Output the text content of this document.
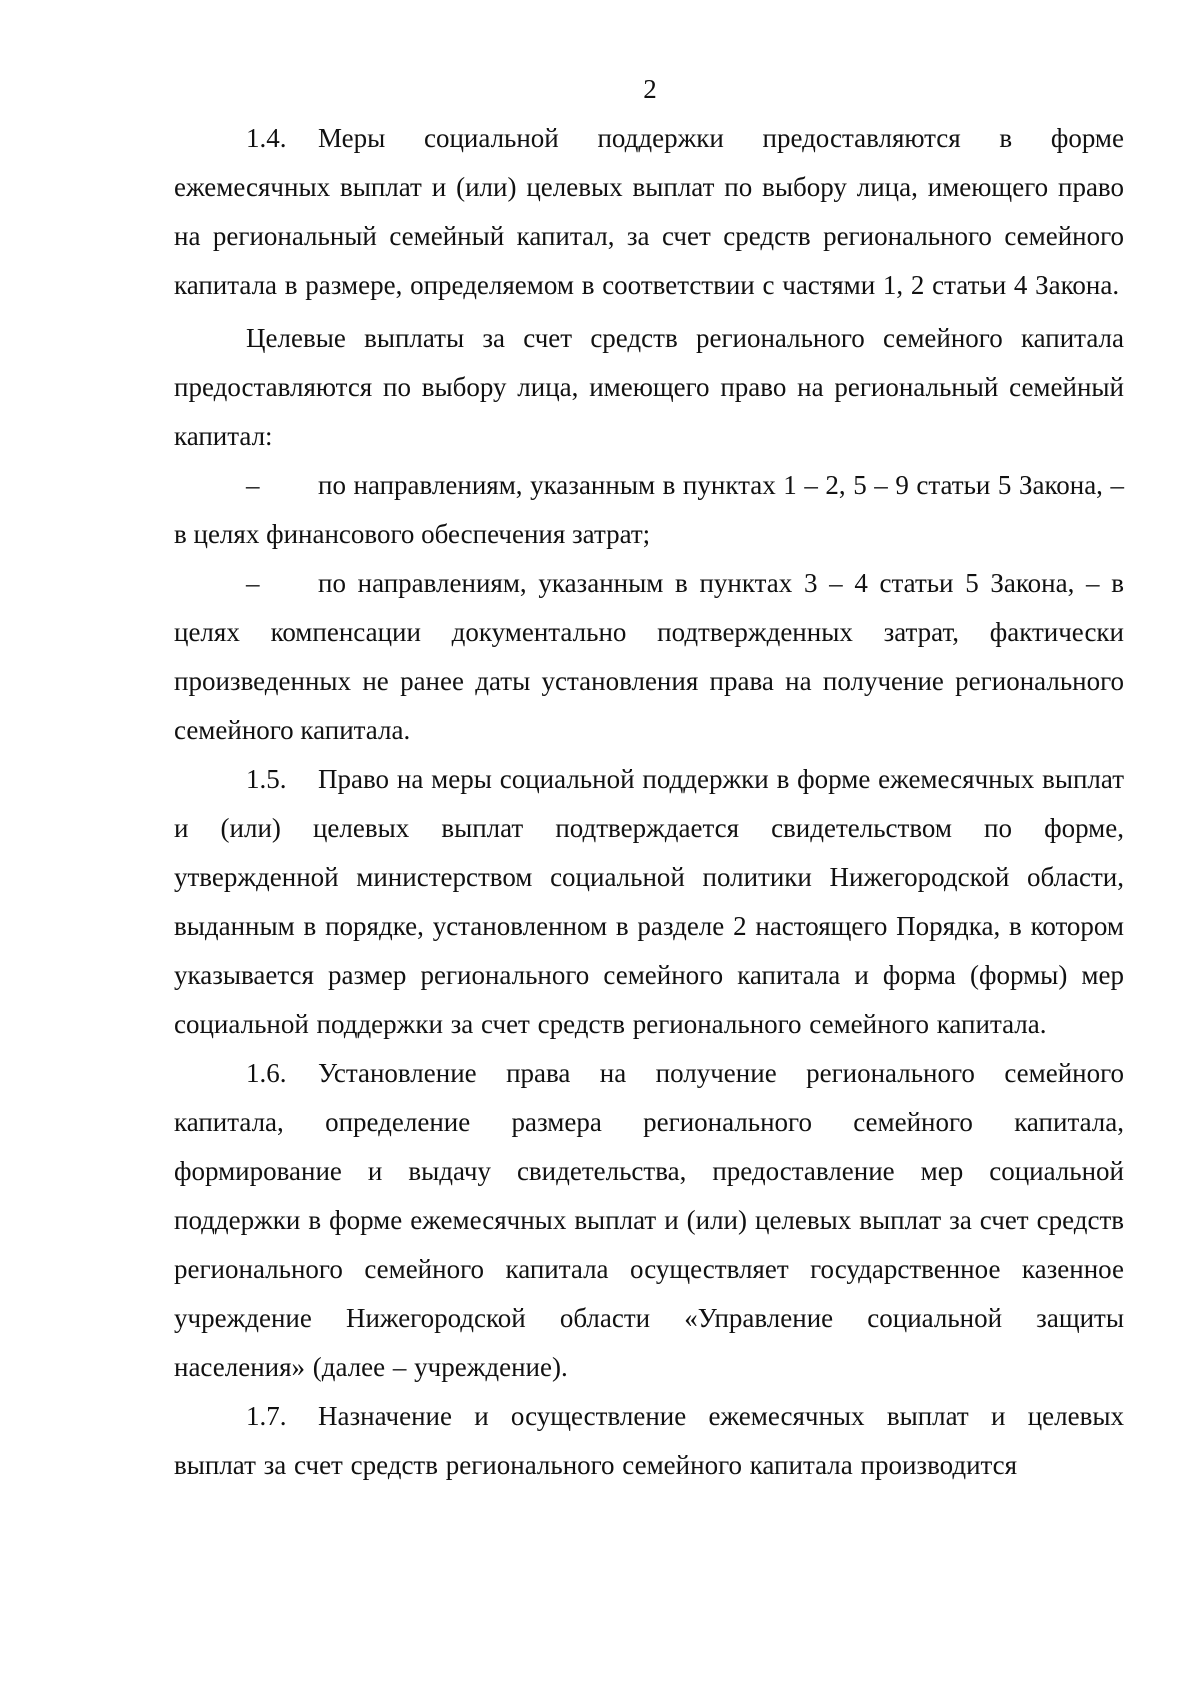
2

1.4. Меры социальной поддержки предоставляются в форме ежемесячных выплат и (или) целевых выплат по выбору лица, имеющего право на региональный семейный капитал, за счет средств регионального семейного капитала в размере, определяемом в соответствии с частями 1, 2 статьи 4 Закона.

Целевые выплаты за счет средств регионального семейного капитала предоставляются по выбору лица, имеющего право на региональный семейный капитал:

– по направлениям, указанным в пунктах 1 – 2, 5 – 9 статьи 5 Закона, – в целях финансового обеспечения затрат;

– по направлениям, указанным в пунктах 3 – 4 статьи 5 Закона, – в целях компенсации документально подтвержденных затрат, фактически произведенных не ранее даты установления права на получение регионального семейного капитала.

1.5. Право на меры социальной поддержки в форме ежемесячных выплат и (или) целевых выплат подтверждается свидетельством по форме, утвержденной министерством социальной политики Нижегородской области, выданным в порядке, установленном в разделе 2 настоящего Порядка, в котором указывается размер регионального семейного капитала и форма (формы) мер социальной поддержки за счет средств регионального семейного капитала.

1.6. Установление права на получение регионального семейного капитала, определение размера регионального семейного капитала, формирование и выдачу свидетельства, предоставление мер социальной поддержки в форме ежемесячных выплат и (или) целевых выплат за счет средств регионального семейного капитала осуществляет государственное казенное учреждение Нижегородской области «Управление социальной защиты населения» (далее – учреждение).

1.7. Назначение и осуществление ежемесячных выплат и целевых выплат за счет средств регионального семейного капитала производится
